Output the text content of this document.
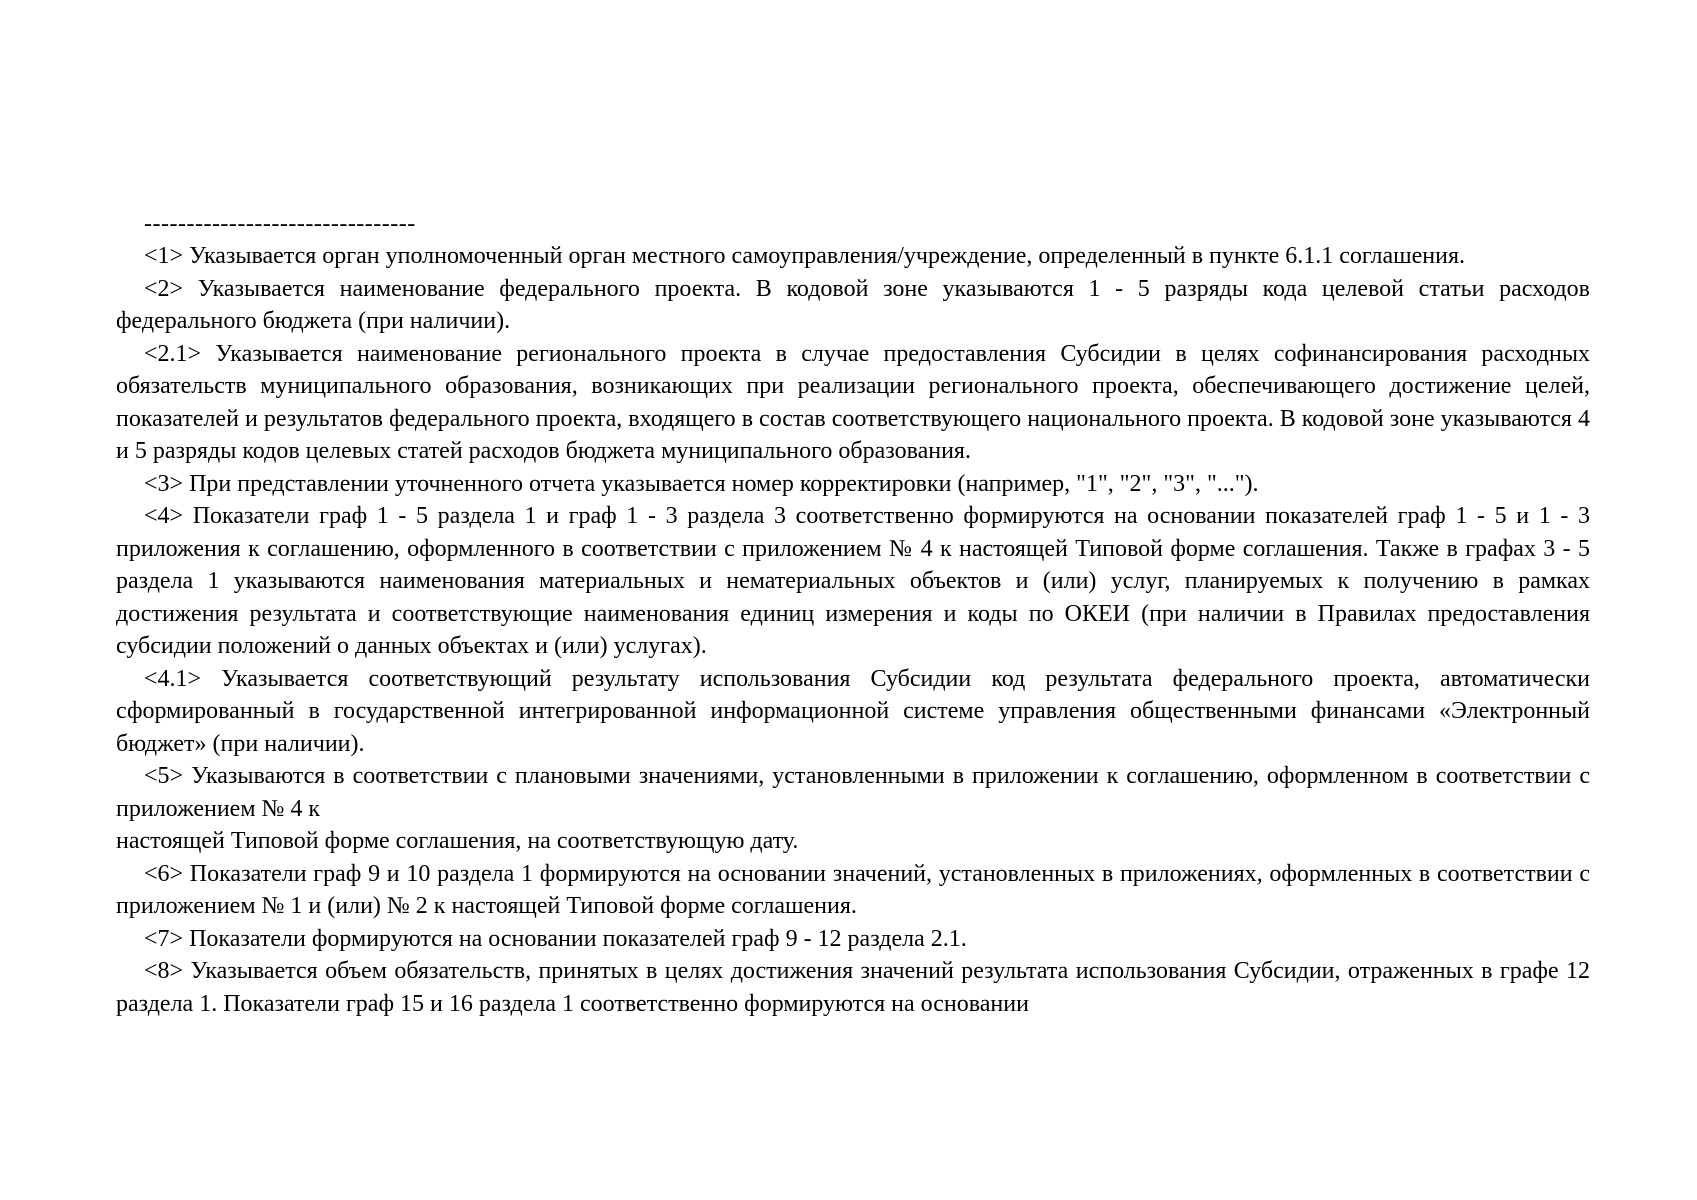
--------------------------------

<1> Указывается орган уполномоченный орган местного самоуправления/учреждение, определенный в пункте 6.1.1 соглашения.

<2> Указывается наименование федерального проекта. В кодовой зоне указываются 1 - 5 разряды кода целевой статьи расходов федерального бюджета (при наличии).

<2.1> Указывается наименование регионального проекта в случае предоставления Субсидии в целях софинансирования расходных обязательств муниципального образования, возникающих при реализации регионального проекта, обеспечивающего достижение целей, показателей и результатов федерального проекта, входящего в состав соответствующего национального проекта. В кодовой зоне указываются 4 и 5 разряды кодов целевых статей расходов бюджета муниципального образования.

<3> При представлении уточненного отчета указывается номер корректировки (например, "1", "2", "3", "...").

<4> Показатели граф 1 - 5 раздела 1 и граф 1 - 3 раздела 3 соответственно формируются на основании показателей граф 1 - 5 и 1 - 3 приложения к соглашению, оформленного в соответствии с приложением № 4 к настоящей Типовой форме соглашения. Также в графах 3 - 5 раздела 1 указываются наименования материальных и нематериальных объектов и (или) услуг, планируемых к получению в рамках достижения результата и соответствующие наименования единиц измерения и коды по ОКЕИ (при наличии в Правилах предоставления субсидии положений о данных объектах и (или) услугах).

<4.1> Указывается соответствующий результату использования Субсидии код результата федерального проекта, автоматически сформированный в государственной интегрированной информационной системе управления общественными финансами «Электронный бюджет» (при наличии).

<5> Указываются в соответствии с плановыми значениями, установленными в приложении к соглашению, оформленном в соответствии с приложением № 4 к
настоящей Типовой форме соглашения, на соответствующую дату.

<6> Показатели граф 9 и 10 раздела 1 формируются на основании значений, установленных в приложениях, оформленных в соответствии с приложением № 1 и (или) № 2 к настоящей Типовой форме соглашения.

<7> Показатели формируются на основании показателей граф 9 - 12 раздела 2.1.

<8> Указывается объем обязательств, принятых в целях достижения значений результата использования Субсидии, отраженных в графе 12 раздела 1. Показатели граф 15 и 16 раздела 1 соответственно формируются на основании
